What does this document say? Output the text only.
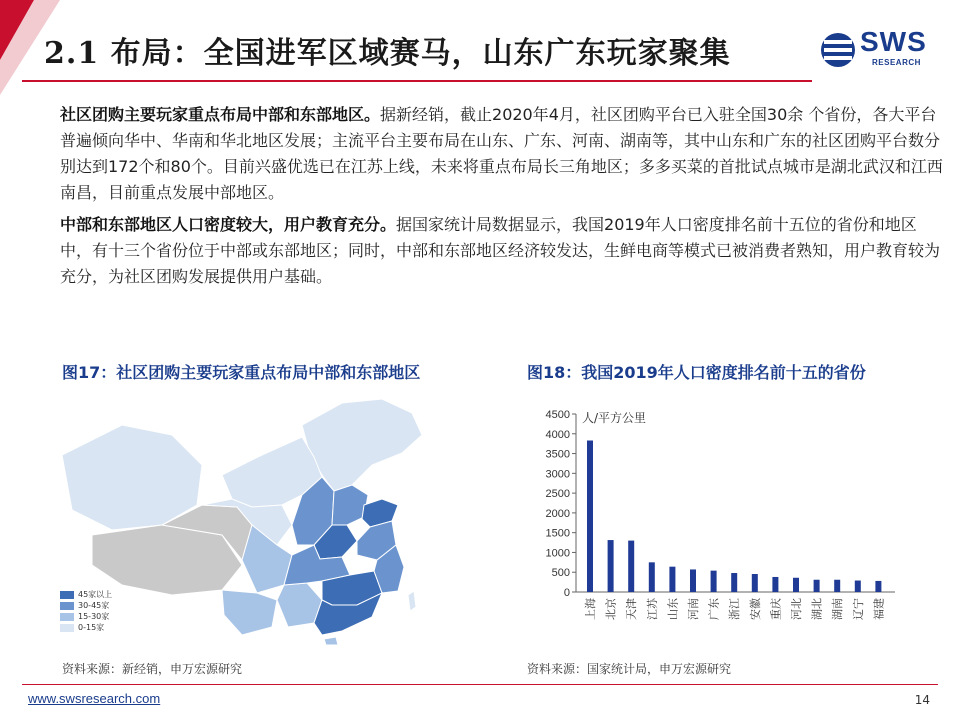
2.1 布局：全国进军区域赛马，山东广东玩家聚集	SWS
RESEARCH
社区团购主要玩家重点布局中部和东部地区。据新经销，截止2020年4月，社区团购平台已入驻全国30余 个省份，各大平台普遍倾向华中、华南和华北地区发展；主流平台主要布局在山东、广东、河南、湖南等，其中山东和广东的社区团购平台数分别达到172个和80个。目前兴盛优选已在江苏上线，未来将重点布局长三角地区；多多买菜的首批试点城市是湖北武汉和江西南昌，目前重点发展中部地区。
中部和东部地区人口密度较大，用户教育充分。据国家统计局数据显示，我国2019年人口密度排名前十五位的省份和地区中，有十三个省份位于中部或东部地区；同时，中部和东部地区经济较发达，生鲜电商等模式已被消费者熟知，用户教育较为充分，为社区团购发展提供用户基础。
图17：社区团购主要玩家重点布局中部和东部地区	图18：我国2019年人口密度排名前十五的省份
45家以上
30-45家
15-30家
0-15家
0
500
1000
1500
2000
2500
3000
3500
4000
4500 人/平方公里
上海 北京 天津 江苏 山东 河南 广东 浙江 安徽 重庆 河北 湖北 湖南 辽宁 福建
资料来源：新经销，申万宏源研究	资料来源：国家统计局，申万宏源研究
www.swsresearch.com	14
